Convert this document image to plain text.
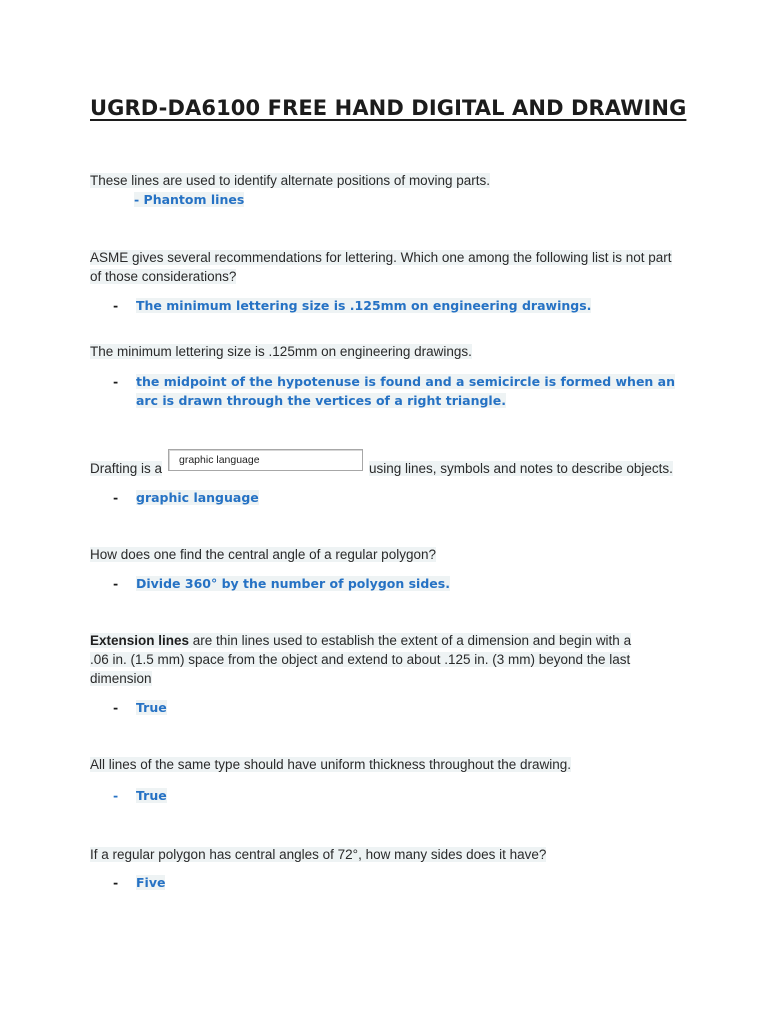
UGRD-DA6100 FREE HAND DIGITAL AND DRAWING
These lines are used to identify alternate positions of moving parts.
- Phantom lines
ASME gives several recommendations for lettering. Which one among the following list is not part of those considerations?
- The minimum lettering size is .125mm on engineering drawings.
The minimum lettering size is .125mm on engineering drawings.
- the midpoint of the hypotenuse is found and a semicircle is formed when an arc is drawn through the vertices of a right triangle.
Drafting is a
graphic language
using lines, symbols and notes to describe objects.
- graphic language
How does one find the central angle of a regular polygon?
- Divide 360° by the number of polygon sides.
Extension lines are thin lines used to establish the extent of a dimension and begin with a .06 in. (1.5 mm) space from the object and extend to about .125 in. (3 mm) beyond the last dimension
- True
All lines of the same type should have uniform thickness throughout the drawing.
- True
If a regular polygon has central angles of 72°, how many sides does it have?
- Five
